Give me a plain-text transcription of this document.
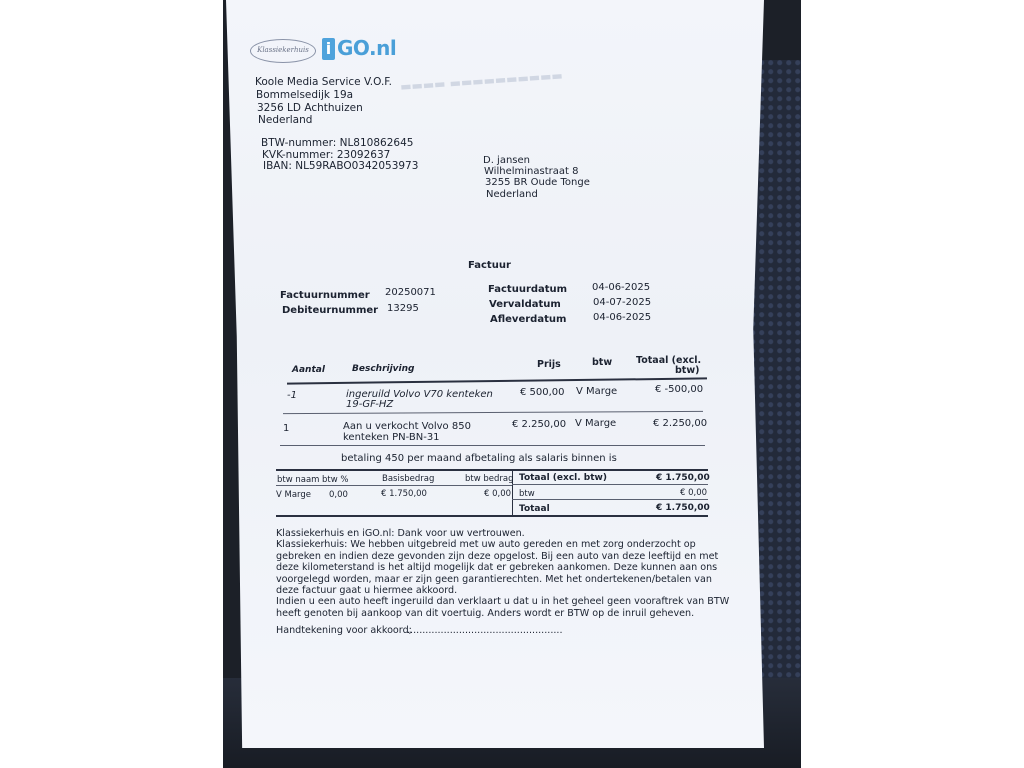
▬▬▬▬ ▬▬▬▬▬▬▬▬▬▬
Klassiekerhuis	i GO.nl
Koole Media Service V.O.F.
Bommelsedijk 19a
3256 LD Achthuizen
Nederland
BTW-nummer: NL810862645
KVK-nummer: 23092637
IBAN: NL59RABO0342053973	D. jansen
Wilhelminastraat 8
3255 BR Oude Tonge
Nederland
Factuur
Factuurnummer 20250071
Debiteurnummer 13295
Factuurdatum 04-06-2025
Vervaldatum	04-07-2025
Afleverdatum	04-06-2025
Aantal	Beschrijving	Prijs	btw	Totaal (excl.
btw)
-1	ingeruild Volvo V70 kenteken
19-GF-HZ
€ 500,00 V Marge	€ -500,00
1	Aan u verkocht Volvo 850
kenteken PN-BN-31
€ 2.250,00 V Marge	€ 2.250,00
betaling 450 per maand afbetaling als salaris binnen is
btw naam btw %	Basisbedrag	btw bedrag
V Marge 0,00	€ 1.750,00	€ 0,00
Totaal (excl. btw)	€ 1.750,00
btw	€ 0,00
Totaal	€ 1.750,00
Klassiekerhuis en iGO.nl: Dank voor uw vertrouwen.
Klassiekerhuis: We hebben uitgebreid met uw auto gereden en met zorg onderzocht op
gebreken en indien deze gevonden zijn deze opgelost. Bij een auto van deze leeftijd en met
deze kilometerstand is het altijd mogelijk dat er gebreken aankomen. Deze kunnen aan ons
voorgelegd worden, maar er zijn geen garantierechten. Met het ondertekenen/betalen van
deze factuur gaat u hiermee akkoord.
Indien u een auto heeft ingeruild dan verklaart u dat u in het geheel geen vooraftrek van BTW
heeft genoten bij aankoop van dit voertuig. Anders wordt er BTW op de inruil geheven.
Handtekening voor akkoord;
...................................................
